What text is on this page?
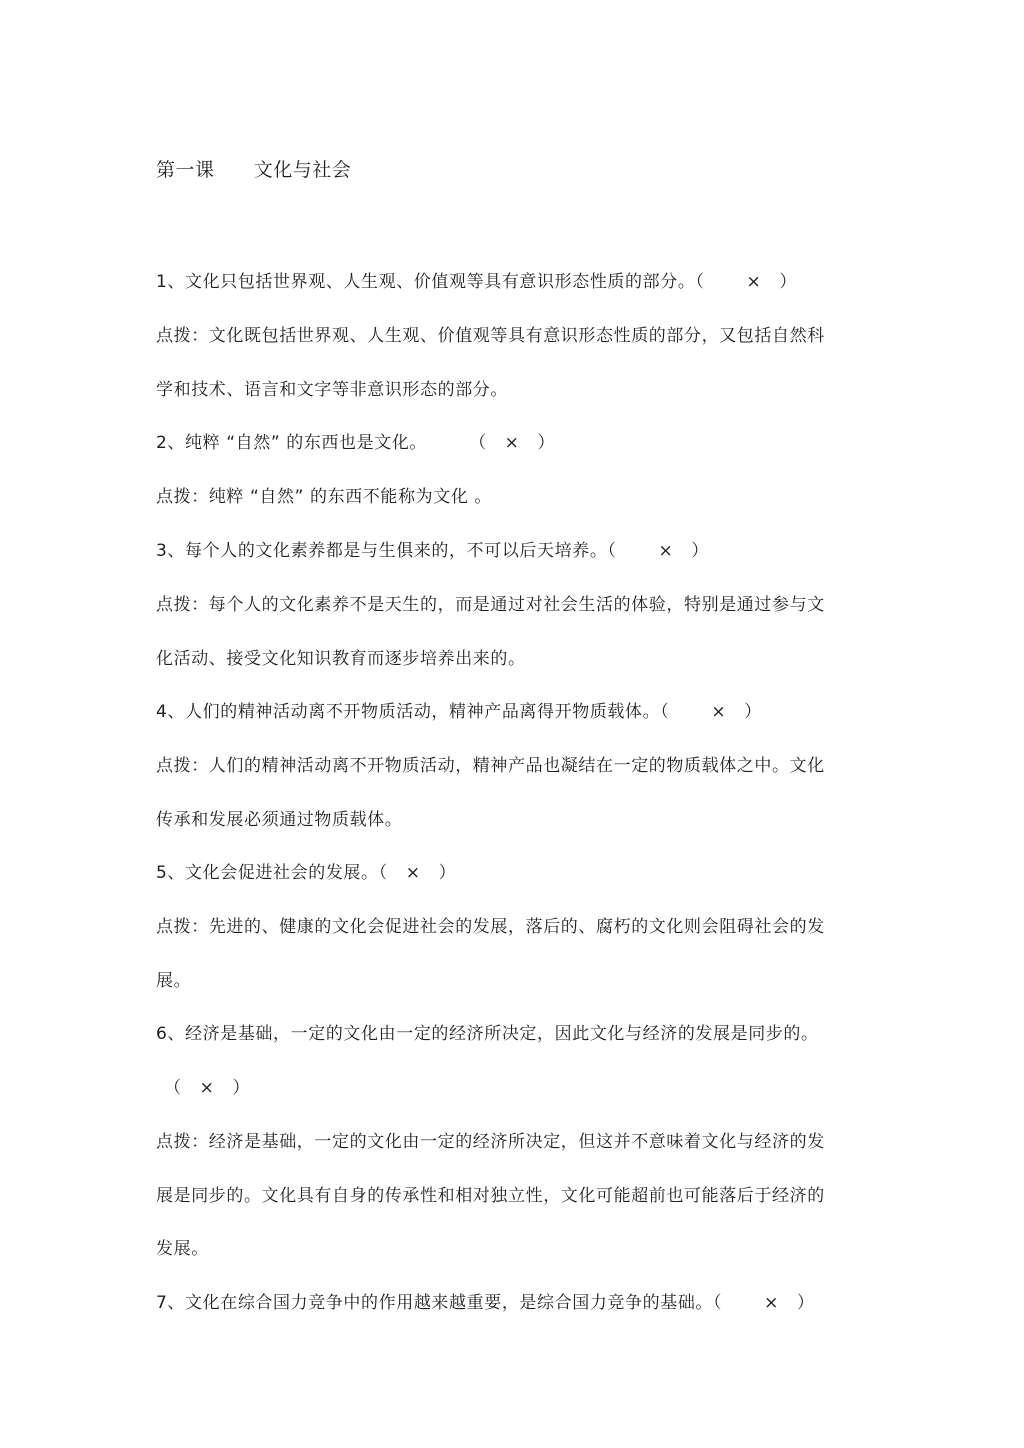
第一课      文化与社会
1、文化只包括世界观、人生观、价值观等具有意识形态性质的部分。（       ×   ）
点拨：文化既包括世界观、人生观、价值观等具有意识形态性质的部分，又包括自然科
学和技术、语言和文字等非意识形态的部分。
2、纯粹 “自然” 的东西也是文化。       （   ×   ）
点拨：纯粹 “自然” 的东西不能称为文化 。
3、每个人的文化素养都是与生俱来的，不可以后天培养。（       ×   ）
点拨：每个人的文化素养不是天生的，而是通过对社会生活的体验，特别是通过参与文
化活动、接受文化知识教育而逐步培养出来的。
4、人们的精神活动离不开物质活动，精神产品离得开物质载体。（       ×   ）
点拨：人们的精神活动离不开物质活动，精神产品也凝结在一定的物质载体之中。文化
传承和发展必须通过物质载体。
5、文化会促进社会的发展。（   ×   ）
点拨：先进的、健康的文化会促进社会的发展，落后的、腐朽的文化则会阻碍社会的发
展。
6、经济是基础，一定的文化由一定的经济所决定，因此文化与经济的发展是同步的。
（   ×   ）
点拨：经济是基础，一定的文化由一定的经济所决定，但这并不意味着文化与经济的发
展是同步的。文化具有自身的传承性和相对独立性，文化可能超前也可能落后于经济的
发展。
7、文化在综合国力竞争中的作用越来越重要，是综合国力竞争的基础。（       ×   ）
